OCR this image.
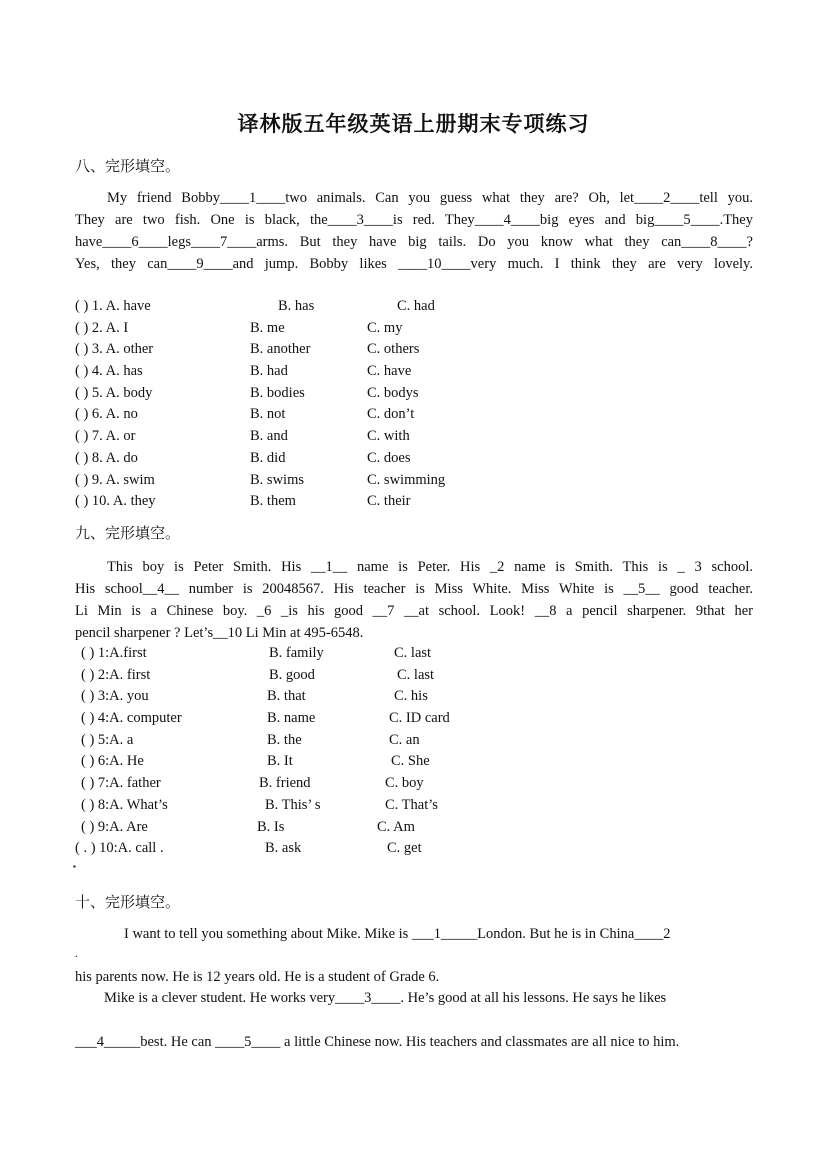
译林版五年级英语上册期末专项练习
八、完形填空。
My friend Bobby____1____two animals. Can you guess what they are? Oh, let____2____tell you.
They are two fish. One is black, the____3____is red. They____4____big eyes and big____5____.They
have____6____legs____7____arms. But they have big tails. Do you know what they can____8____?
Yes, they can____9____and jump. Bobby likes ____10____very much. I think they are very lovely.
( ) 1. A. have	B. has	C. had
( ) 2. A. I	B. me	C. my
( ) 3. A. other	B. another	C. others
( ) 4. A. has	B. had	C. have
( ) 5. A. body	B. bodies	C. bodys
( ) 6. A. no	B. not	C. don’t
( ) 7. A. or	B. and	C. with
( ) 8. A. do	B. did	C. does
( ) 9. A. swim	B. swims	C. swimming
( ) 10. A. they	B. them	C. their
九、完形填空。
This boy is Peter Smith. His __1__ name is Peter. His _2 name is Smith. This is _ 3 school.
His school__4__ number is 20048567. His teacher is Miss White. Miss White is __5__ good teacher.
Li Min is a Chinese boy. _6 _is his good __7 __at school. Look! __8 a pencil sharpener. 9that her
pencil sharpener ? Let’s__10 Li Min at 495-6548.
( ) 1:A.first	B. family	C. last
( ) 2:A. first	B. good	C. last
( ) 3:A. you	B. that	C. his
( ) 4:A. computer	B. name	C. ID card
( ) 5:A. a	B. the	C. an
( ) 6:A. He	B. It	C. She
( ) 7:A. father	B. friend	C. boy
( ) 8:A. What’s	B. This’ s	C. That’s
( ) 9:A. Are	B. Is	C. Am
( . ) 10:A. call .	B. ask	C. get
▪
十、完形填空。
I want to tell you something about Mike. Mike is ___1_____London. But he is in China____2
.
his parents now. He is 12 years old. He is a student of Grade 6.
Mike is a clever student. He works very____3____. He’s good at all his lessons. He says he likes
___4_____best. He can ____5____ a little Chinese now. His teachers and classmates are all nice to him.
